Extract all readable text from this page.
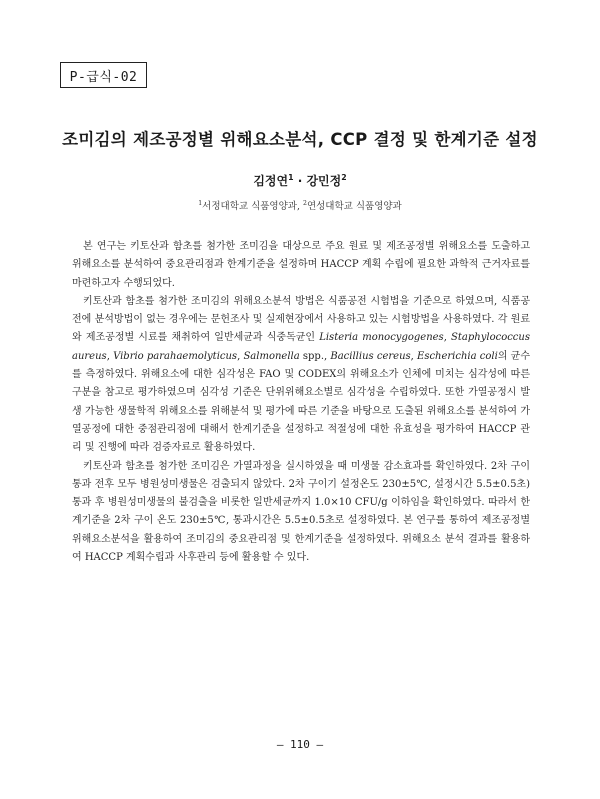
P-급식-02
조미김의 제조공정별 위해요소분석, CCP 결정 및 한계기준 설정
김정연$^1$ · 강민정$^2$
$^1$서정대학교 식품영양과, $^2$연성대학교 식품영양과

본 연구는 키토산과 함초를 첨가한 조미김을 대상으로 주요 원료 및 제조공정별 위해요소를 도출하고 위해요소를 분석하여 중요관리점과 한계기준을 설정하며 HACCP 계획 수립에 필요한 과학적 근거자료를 마련하고자 수행되었다.

키토산과 함초를 첨가한 조미김의 위해요소분석 방법은 식품공전 시험법을 기준으로 하였으며, 식품공전에 분석방법이 없는 경우에는 문헌조사 및 실제현장에서 사용하고 있는 시험방법을 사용하였다. 각 원료와 제조공정별 시료를 채취하여 일반세균과 식중독균인 Listeria monocygogenes, Staphylococcus aureus, Vibrio parahaemolyticus, Salmonella spp., Bacillius cereus, Escherichia coli의 균수를 측정하였다. 위해요소에 대한 심각성은 FAO 및 CODEX의 위해요소가 인체에 미치는 심각성에 따른 구분을 참고로 평가하였으며 심각성 기준은 단위위해요소별로 심각성을 수립하였다. 또한 가열공정시 발생 가능한 생물학적 위해요소를 위해분석 및 평가에 따른 기준을 바탕으로 도출된 위해요소를 분석하여 가열공정에 대한 중점관리점에 대해서 한계기준을 설정하고 적절성에 대한 유효성을 평가하여 HACCP 관리 및 진행에 따라 검증자료로 활용하였다.

키토산과 함초를 첨가한 조미김은 가열과정을 실시하였을 때 미생물 감소효과를 확인하였다. 2차 구이통과 전후 모두 병원성미생물은 검출되지 않았다. 2차 구이기 설정온도 230±5℃, 설정시간 5.5±0.5초) 통과 후 병원성미생물의 불검출을 비롯한 일반세균까지 1.0×10 CFU/g 이하임을 확인하였다. 따라서 한계기준을 2차 구이 온도 230±5℃, 통과시간은 5.5±0.5초로 설정하였다. 본 연구를 통하여 제조공정별 위해요소분석을 활용하여 조미김의 중요관리점 및 한계기준을 설정하였다. 위해요소 분석 결과를 활용하여 HACCP 계획수립과 사후관리 등에 활용할 수 있다.

– 110 –
